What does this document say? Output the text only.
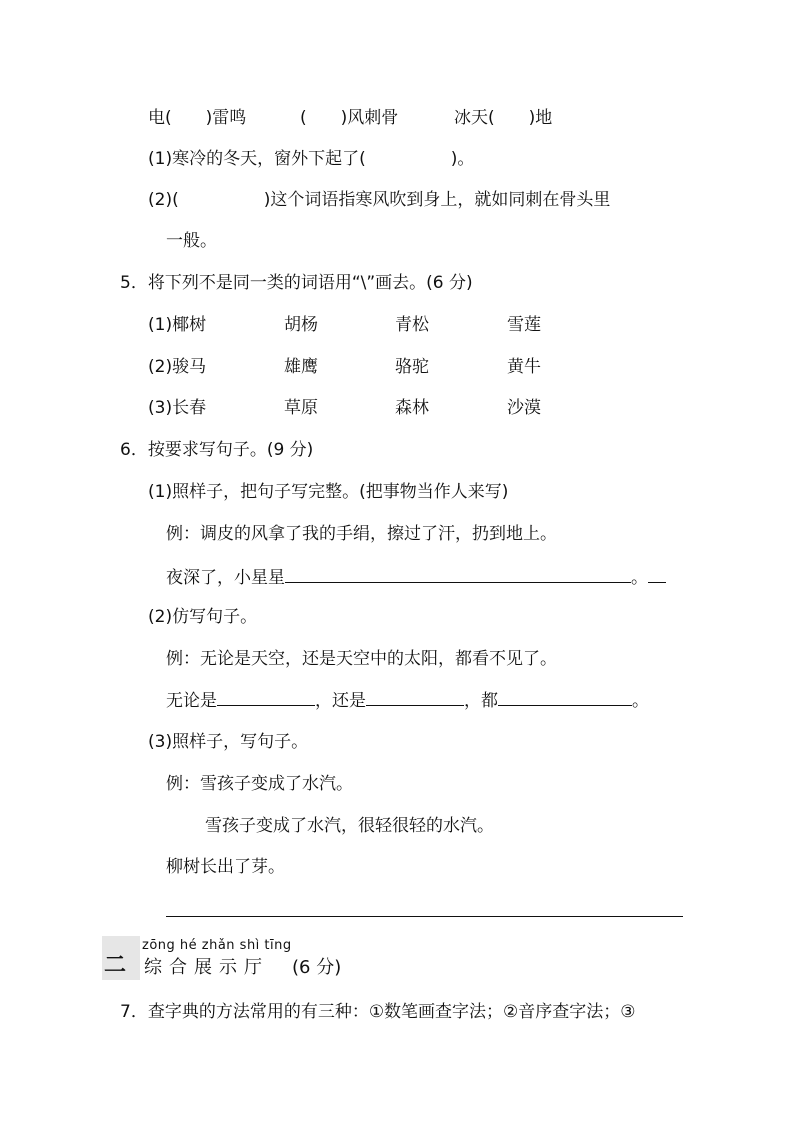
电(　　)雷鸣	(　　)风刺骨	冰天(　　)地
(1)寒冷的冬天，窗外下起了(　　　　　)。
(2)(　　　　　)这个词语指寒风吹到身上，就如同刺在骨头里
一般。
5．将下列不是同一类的词语用“\”画去。(6 分)
(1)椰树	胡杨	青松	雪莲
(2)骏马	雄鹰	骆驼	黄牛
(3)长春	草原	森林	沙漠
6．按要求写句子。(9 分)
(1)照样子，把句子写完整。(把事物当作人来写)
例：调皮的风拿了我的手绢，擦过了汗，扔到地上。
夜深了，小星星	。
(2)仿写句子。
例：无论是天空，还是天空中的太阳，都看不见了。
无论是	，还是	，都	。
(3)照样子，写句子。
例：雪孩子变成了水汽。
雪孩子变成了水汽，很轻很轻的水汽。
柳树长出了芽。
二
zōng hé zhǎn shì tīng
综合展示厅 (6 分)
7．查字典的方法常用的有三种：①数笔画查字法；②音序查字法；③
